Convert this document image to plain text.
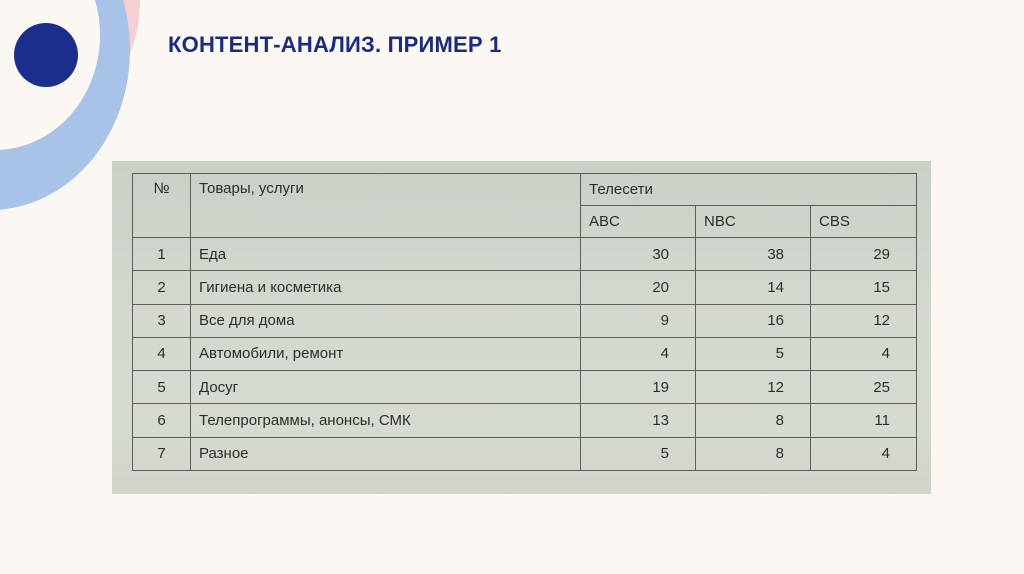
КОНТЕНТ-АНАЛИЗ. ПРИМЕР 1
№	Товары, услуги	Телесети		
		ABC	NBC	CBS
1	Еда	30	38	29
2	Гигиена и косметика	20	14	15
3	Все для дома	9	16	12
4	Автомобили, ремонт	4	5	4
5	Досуг	19	12	25
6	Телепрограммы, анонсы, СМК	13	8	11
7	Разное	5	8	4
